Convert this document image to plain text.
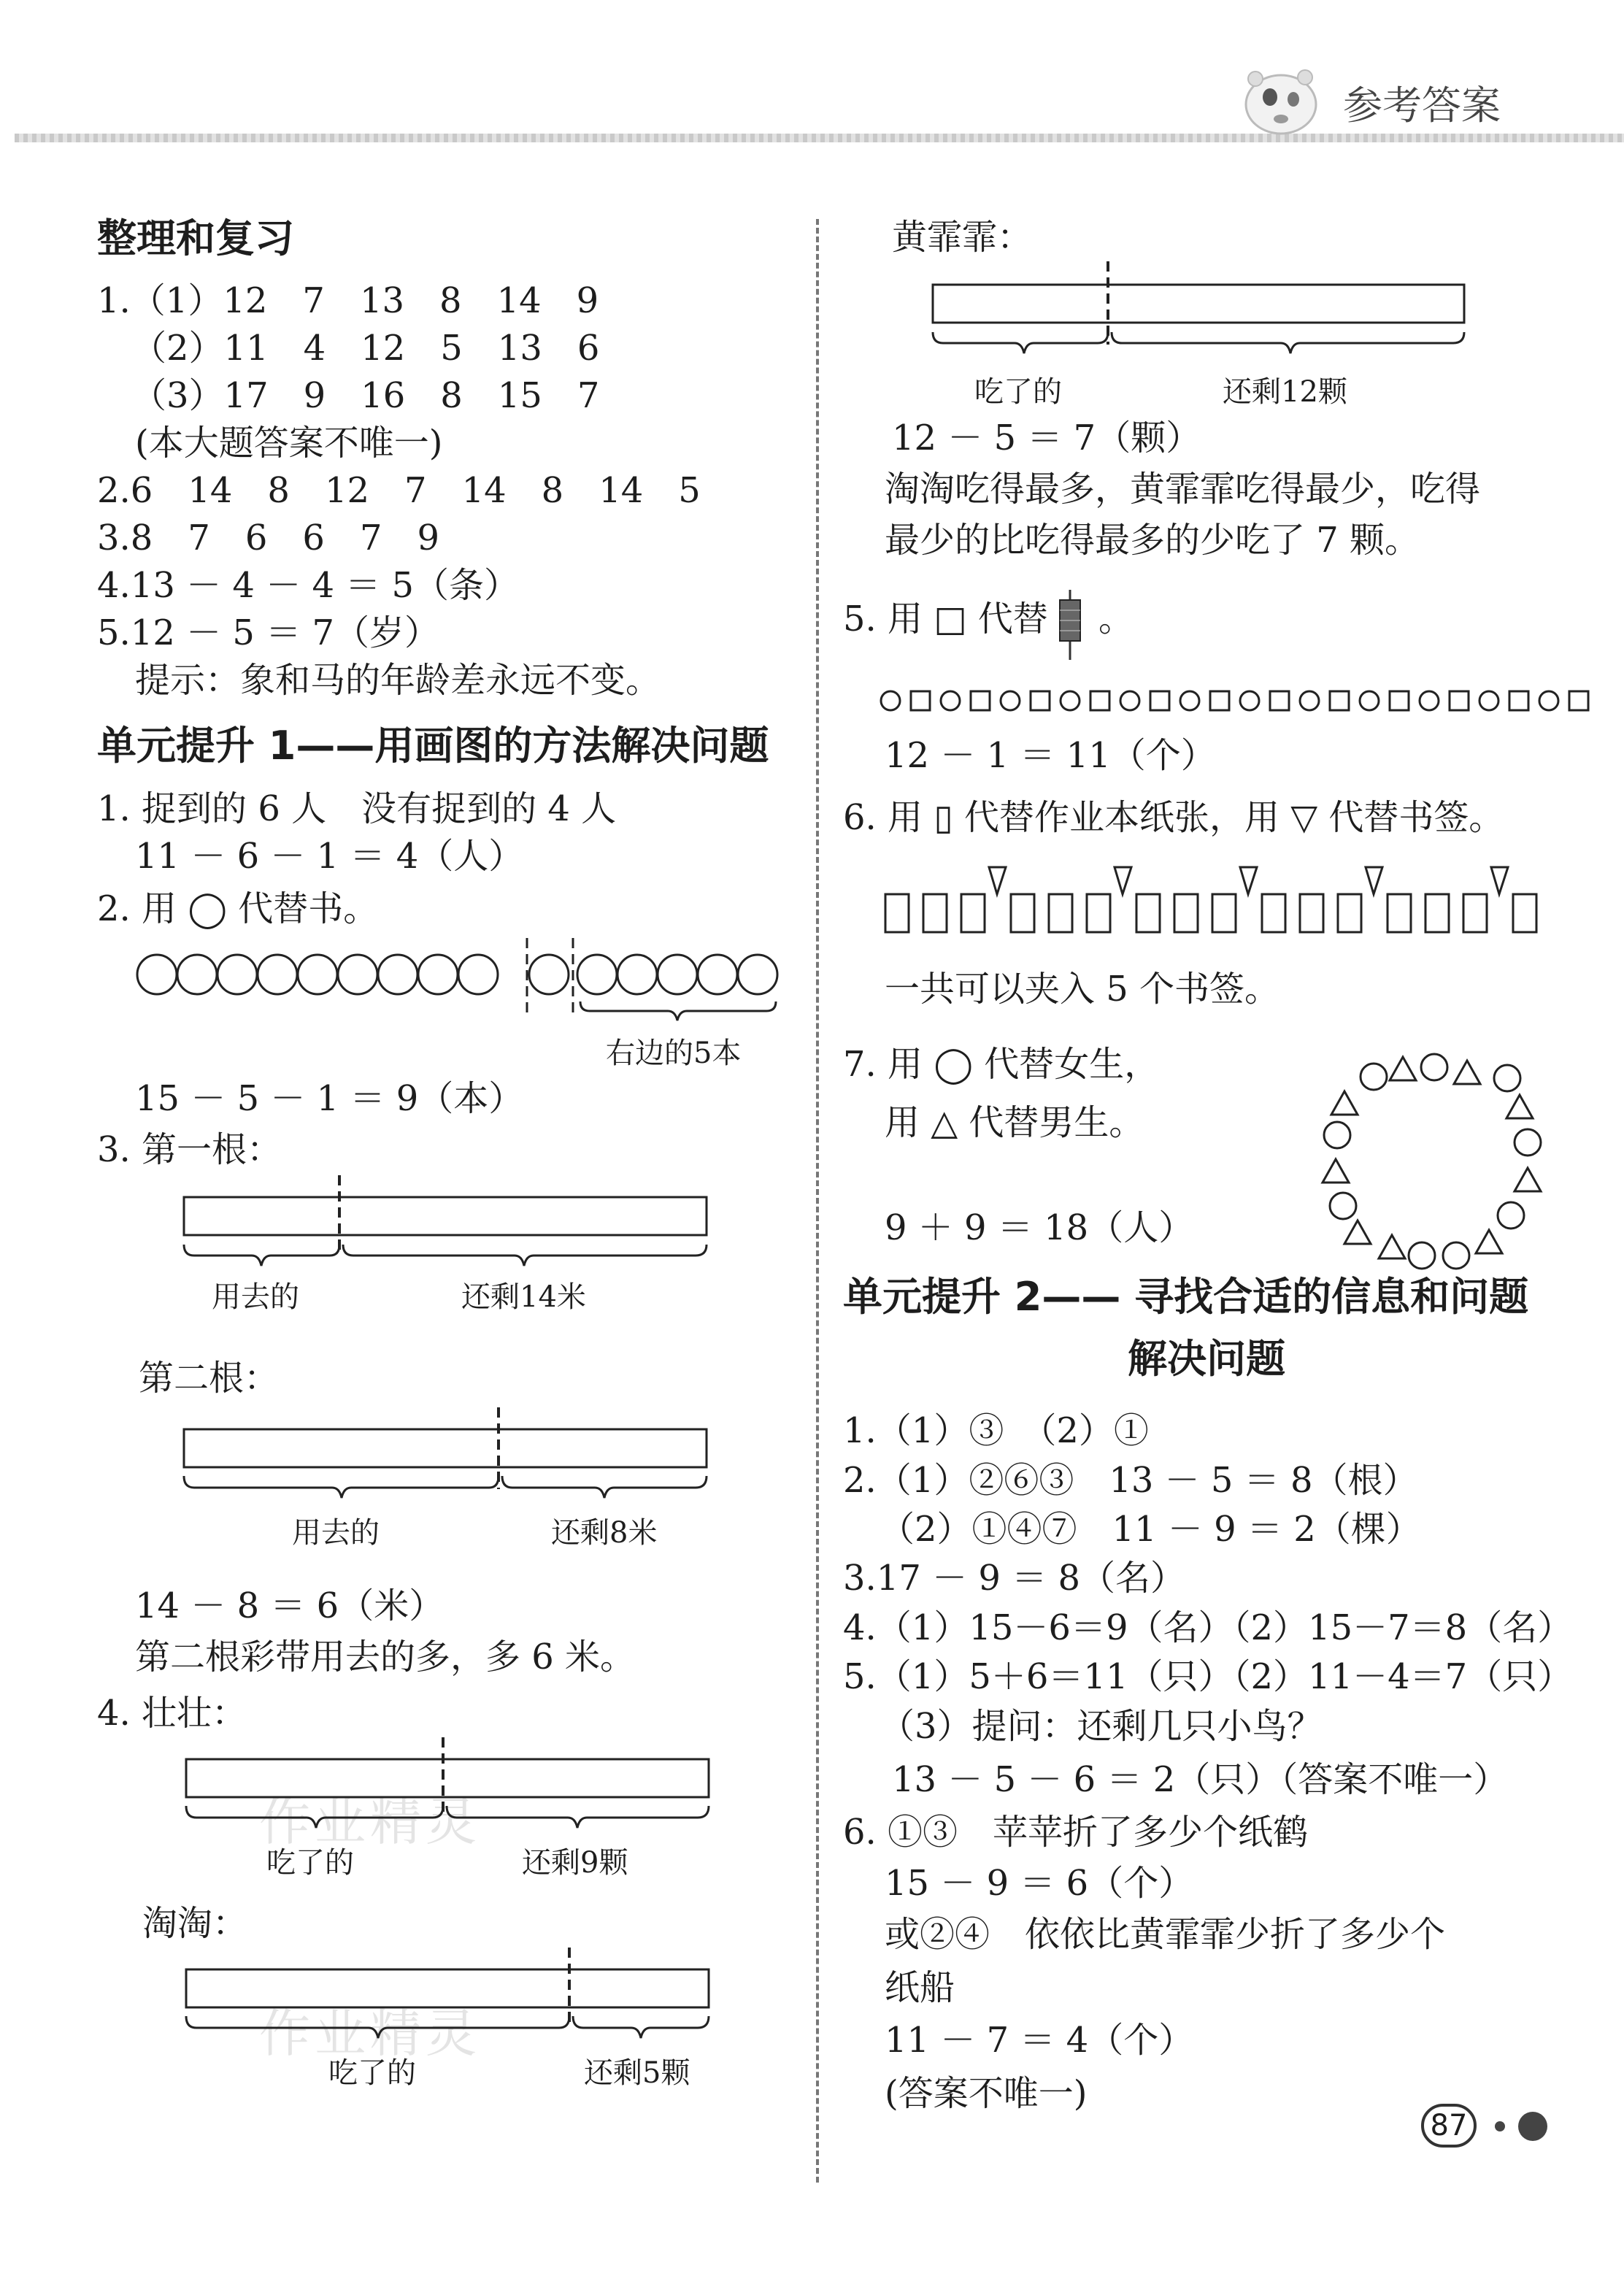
参考答案
作业精灵
作业精灵
整理和复习
1.（1）12　7　13　8　14　9
（2）11　4　12　5　13　6
（3）17　9　16　8　15　7
(本大题答案不唯一)
2.6　14　8　12　7　14　8　14　5
3.8　7　6　6　7　9
4.13 － 4 － 4 ＝ 5（条）
5.12 － 5 ＝ 7（岁）
提示：象和马的年龄差永远不变。
单元提升 1——用画图的方法解决问题
1. 捉到的 6 人　没有捉到的 4 人
11 － 6 － 1 ＝ 4（人）
2. 用 ◯ 代替书。
右边的5本
15 － 5 － 1 ＝ 9（本）
3. 第一根：
用去的	还剩14米
第二根：
用去的	还剩8米
14 － 8 ＝ 6（米）
第二根彩带用去的多，多 6 米。
4. 壮壮：
吃了的	还剩9颗
淘淘：
吃了的	还剩5颗
黄霏霏：
吃了的	还剩12颗
12 － 5 ＝ 7（颗）
淘淘吃得最多，黄霏霏吃得最少，吃得
最少的比吃得最多的少吃了 7 颗。
5. 用 □ 代替 。
12 － 1 ＝ 11（个）
6. 用 ▯ 代替作业本纸张，用 ▽ 代替书签。
一共可以夹入 5 个书签。
7. 用 ◯ 代替女生，
用 △ 代替男生。
9 ＋ 9 ＝ 18（人）
单元提升 2—— 寻找合适的信息和问题
解决问题
1.（1）③　（2）①
2.（1）②⑥③　13 － 5 ＝ 8（根）
（2）①④⑦　11 － 9 ＝ 2（棵）
3.17 － 9 ＝ 8（名）
4.（1）15－6＝9（名）（2）15－7＝8（名）
5.（1）5＋6＝11（只）（2）11－4＝7（只）
（3）提问：还剩几只小鸟？
13 － 5 － 6 ＝ 2（只）（答案不唯一）
6. ①③　苹苹折了多少个纸鹤
15 － 9 ＝ 6（个）
或②④　依依比黄霏霏少折了多少个
纸船
11 － 7 ＝ 4（个）
(答案不唯一)
87
